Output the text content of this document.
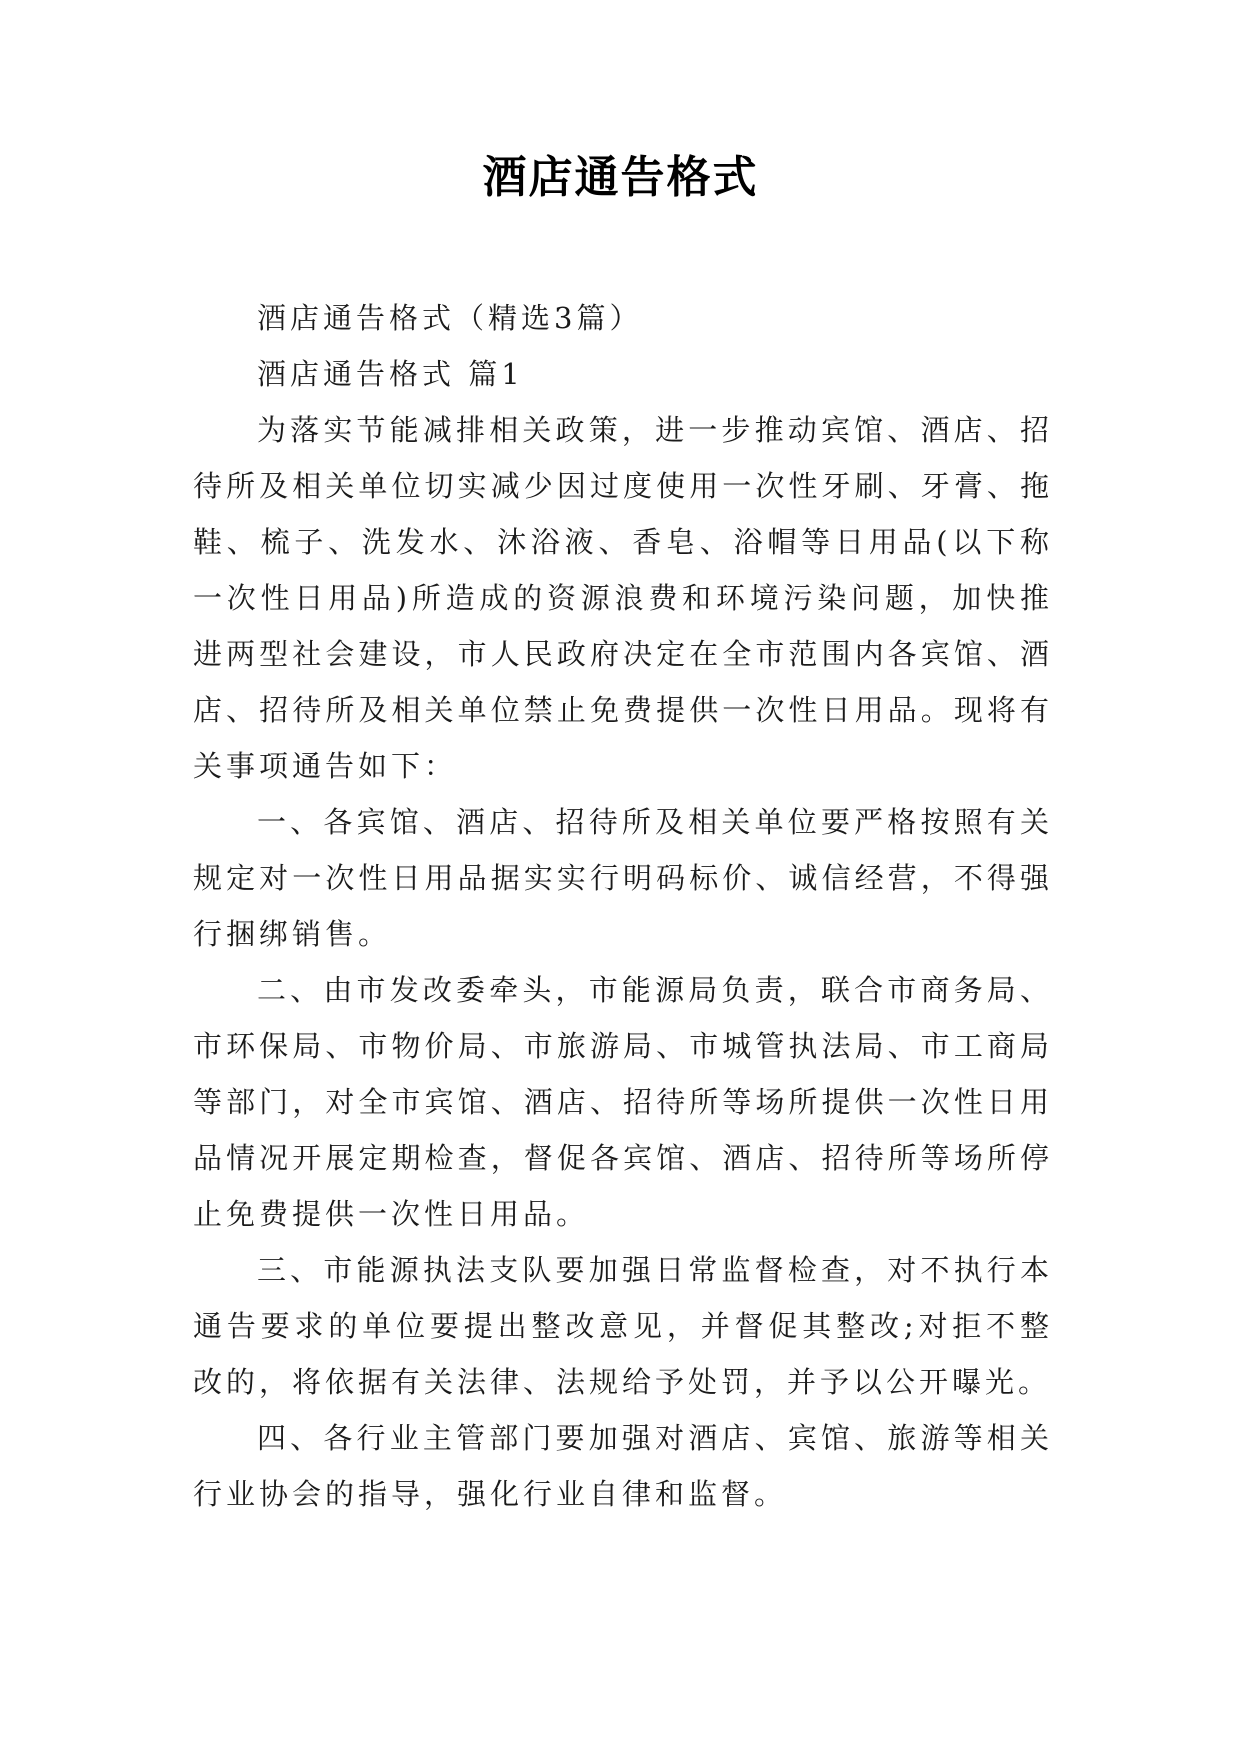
酒店通告格式

酒店通告格式（精选3篇）

酒店通告格式 篇1

为落实节能减排相关政策，进一步推动宾馆、酒店、招待所及相关单位切实减少因过度使用一次性牙刷、牙膏、拖鞋、梳子、洗发水、沐浴液、香皂、浴帽等日用品(以下称一次性日用品)所造成的资源浪费和环境污染问题，加快推进两型社会建设，市人民政府决定在全市范围内各宾馆、酒店、招待所及相关单位禁止免费提供一次性日用品。现将有关事项通告如下：

一、各宾馆、酒店、招待所及相关单位要严格按照有关规定对一次性日用品据实实行明码标价、诚信经营，不得强行捆绑销售。

二、由市发改委牵头，市能源局负责，联合市商务局、市环保局、市物价局、市旅游局、市城管执法局、市工商局等部门，对全市宾馆、酒店、招待所等场所提供一次性日用品情况开展定期检查，督促各宾馆、酒店、招待所等场所停止免费提供一次性日用品。

三、市能源执法支队要加强日常监督检查，对不执行本通告要求的单位要提出整改意见，并督促其整改;对拒不整改的，将依据有关法律、法规给予处罚，并予以公开曝光。

四、各行业主管部门要加强对酒店、宾馆、旅游等相关行业协会的指导，强化行业自律和监督。
